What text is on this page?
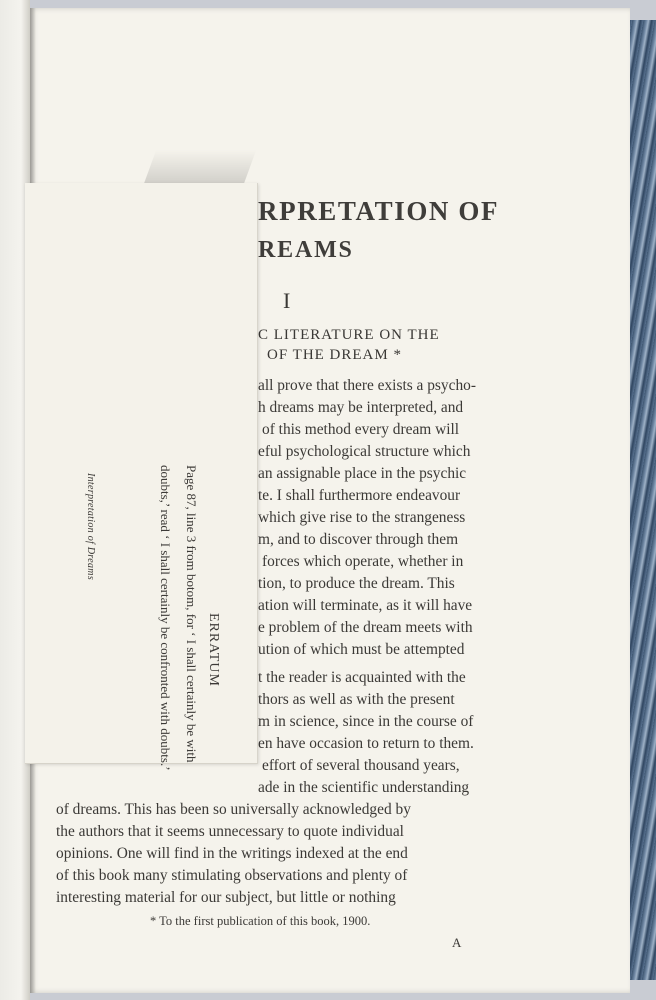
RPRETATION OF
REAMS
I
C LITERATURE ON THE
OF THE DREAM *
all prove that there exists a psycho-
h dreams may be interpreted, and
of this method every dream will
eful psychological structure which
an assignable place in the psychic
te. I shall furthermore endeavour
which give rise to the strangeness
m, and to discover through them
forces which operate, whether in
tion, to produce the dream. This
ation will terminate, as it will have
e problem of the dream meets with
ution of which must be attempted
t the reader is acquainted with the
thors as well as with the present
m in science, since in the course of
en have occasion to return to them.
effort of several thousand years,
ade in the scientific understanding
of dreams. This has been so universally acknowledged by
the authors that it seems unnecessary to quote individual
opinions. One will find in the writings indexed at the end
of this book many stimulating observations and plenty of
interesting material for our subject, but little or nothing
* To the first publication of this book, 1900.
A
Interpretation of Dreams
ERRATUM
Page 87, line 3 from botom, for ‘ I shall certainly be with
doubts,’ read ‘ I shall certainly be confronted with doubts.’
